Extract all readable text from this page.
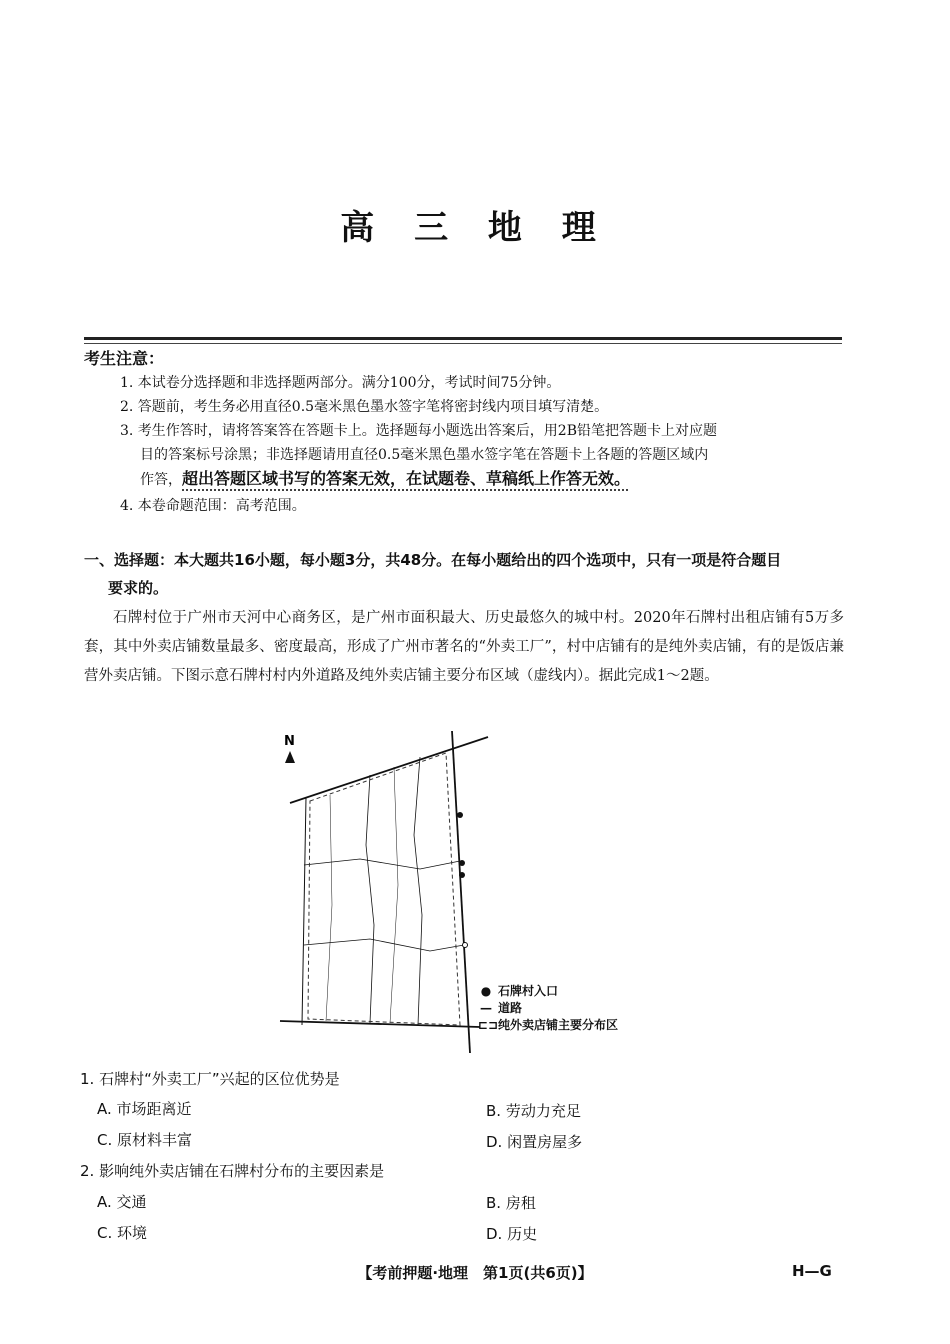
高 三 地 理
考生注意：
1. 本试卷分选择题和非选择题两部分。满分100分，考试时间75分钟。
2. 答题前，考生务必用直径0.5毫米黑色墨水签字笔将密封线内项目填写清楚。
3. 考生作答时，请将答案答在答题卡上。选择题每小题选出答案后，用2B铅笔把答题卡上对应题
目的答案标号涂黑；非选择题请用直径0.5毫米黑色墨水签字笔在答题卡上各题的答题区域内
作答，超出答题区域书写的答案无效，在试题卷、草稿纸上作答无效。
4. 本卷命题范围：高考范围。
一、选择题：本大题共16小题，每小题3分，共48分。在每小题给出的四个选项中，只有一项是符合题目
要求的。
石牌村位于广州市天河中心商务区，是广州市面积最大、历史最悠久的城中村。2020年石牌村出租店铺有5万多套，其中外卖店铺数量最多、密度最高，形成了广州市著名的“外卖工厂”，村中店铺有的是纯外卖店铺，有的是饭店兼营外卖店铺。下图示意石牌村村内外道路及纯外卖店铺主要分布区域（虚线内）。据此完成1～2题。
N
● 石牌村入口
— 道路
⊏⊐ 纯外卖店铺主要分布区
1. 石牌村“外卖工厂”兴起的区位优势是
A. 市场距离近	B. 劳动力充足
C. 原材料丰富	D. 闲置房屋多
2. 影响纯外卖店铺在石牌村分布的主要因素是
A. 交通	B. 房租
C. 环境	D. 历史
【考前押题·地理　第1页(共6页)】	H—G
